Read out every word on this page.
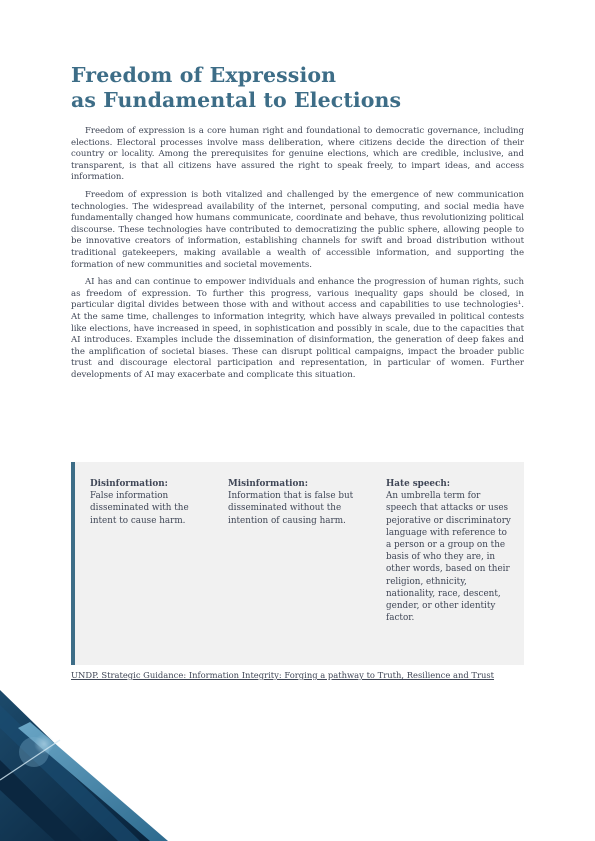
Freedom of Expression
as Fundamental to Elections

Freedom of expression is a core human right and foundational to democratic governance, including elections. Electoral processes involve mass deliberation, where citizens decide the direction of their country or locality. Among the prerequisites for genuine elections, which are credible, inclusive, and transparent, is that all citizens have assured the right to speak freely, to impart ideas, and access information.

Freedom of expression is both vitalized and challenged by the emergence of new communication technologies. The widespread availability of the internet, personal computing, and social media have fundamentally changed how humans communicate, coordinate and behave, thus revolutionizing political discourse. These technologies have contributed to democratizing the public sphere, allowing people to be innovative creators of information, establishing channels for swift and broad distribution without traditional gatekeepers, making available a wealth of accessible information, and supporting the formation of new communities and societal movements.

AI has and can continue to empower individuals and enhance the progression of human rights, such as freedom of expression. To further this progress, various inequality gaps should be closed, in particular digital divides between those with and without access and capabilities to use technologies¹. At the same time, challenges to information integrity, which have always prevailed in political contests like elections, have increased in speed, in sophistication and possibly in scale, due to the capacities that AI introduces. Examples include the dissemination of disinformation, the generation of deep fakes and the amplification of societal biases. These can disrupt political campaigns, impact the broader public trust and discourage electoral participation and representation, in particular of women. Further developments of AI may exacerbate and complicate this situation.

Disinformation:
False information disseminated with the intent to cause harm.
Misinformation:
Information that is false but disseminated without the intention of causing harm.
Hate speech:
An umbrella term for speech that attacks or uses pejorative or discriminatory language with reference to a person or a group on the basis of who they are, in other words, based on their religion, ethnicity, nationality, race, descent, gender, or other identity factor.
UNDP. Strategic Guidance: Information Integrity: Forging a pathway to Truth, Resilience and Trust
